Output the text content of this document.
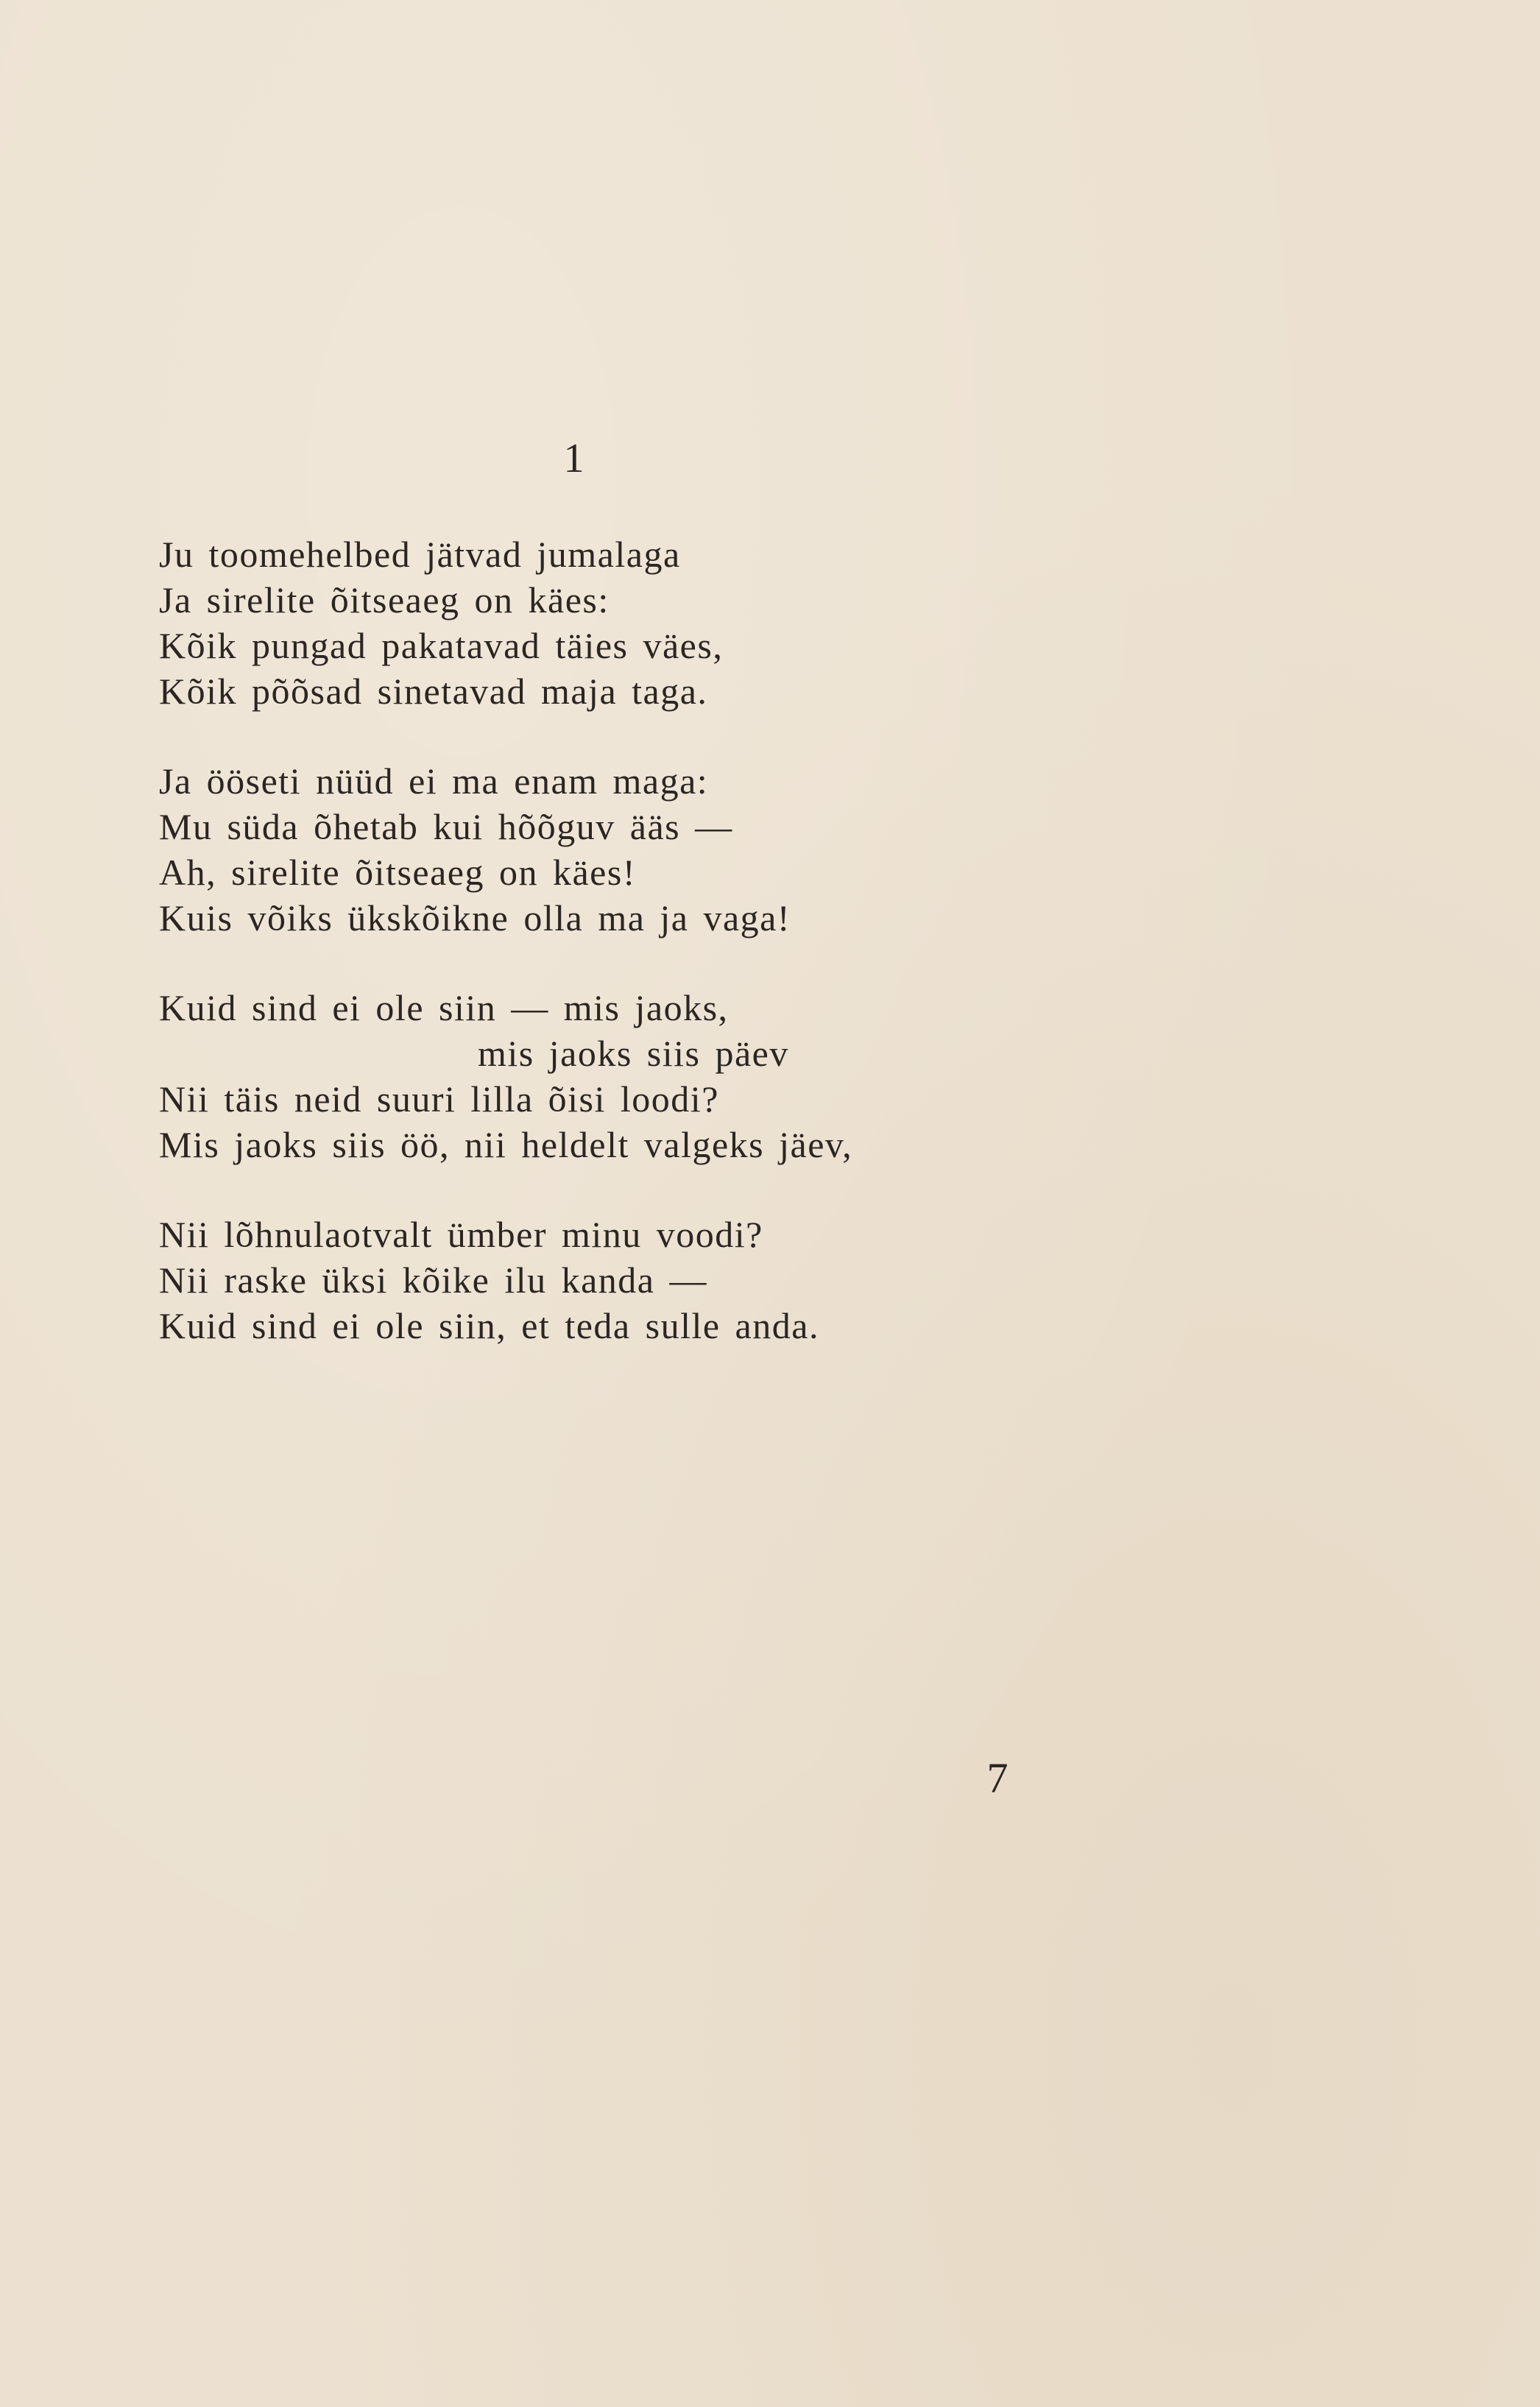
1
Ju toomehelbed jätvad jumalaga
Ja sirelite õitseaeg on käes:
Kõik pungad pakatavad täies väes,
Kõik põõsad sinetavad maja taga.
Ja ööseti nüüd ei ma enam maga:
Mu süda õhetab kui hõõguv ääs —
Ah, sirelite õitseaeg on käes!
Kuis võiks ükskõikne olla ma ja vaga!
Kuid sind ei ole siin — mis jaoks,
mis jaoks siis päev
Nii täis neid suuri lilla õisi loodi?
Mis jaoks siis öö, nii heldelt valgeks jäev,
Nii lõhnulaotvalt ümber minu voodi?
Nii raske üksi kõike ilu kanda —
Kuid sind ei ole siin, et teda sulle anda.
7
